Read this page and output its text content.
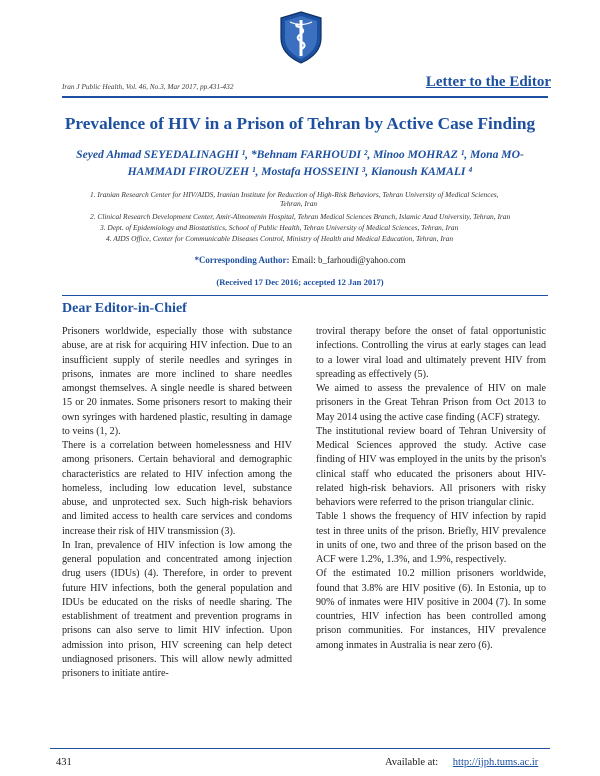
Iran J Public Health, Vol. 46, No.3, Mar 2017, pp.431-432	Letter to the Editor
Prevalence of HIV in a Prison of Tehran by Active Case Finding
Seyed Ahmad SEYEDALINAGHI ¹, *Behnam FARHOUDI ², Minoo MOHRAZ ¹, Mona MO-
HAMMADI FIROUZEH ¹, Mostafa HOSSEINI ³, Kianoush KAMALI ⁴
1. Iranian Research Center for HIV/AIDS, Iranian Institute for Reduction of High-Risk Behaviors, Tehran University of Medical Sciences,
Tehran, Iran
2. Clinical Research Development Center, Amir-Almomenin Hospital, Tehran Medical Sciences Branch, Islamic Azad University, Tehran, Iran
3. Dept. of Epidemiology and Biostatistics, School of Public Health, Tehran University of Medical Sciences, Tehran, Iran
4. AIDS Office, Center for Communicable Diseases Control, Ministry of Health and Medical Education, Tehran, Iran
*Corresponding Author: Email: b_farhoudi@yahoo.com
(Received 17 Dec 2016; accepted 12 Jan 2017)
Dear Editor-in-Chief

Prisoners worldwide, especially those with substance abuse, are at risk for acquiring HIV infection. Due to an insufficient supply of sterile needles and syringes in prisons, inmates are more inclined to share needles amongst themselves. A single needle is shared between 15 or 20 inmates. Some prisoners resort to making their own syringes with hardened plastic, resulting in damage to veins (1, 2).

There is a correlation between homelessness and HIV among prisoners. Certain behavioral and demographic characteristics are related to HIV infection among the homeless, including low education level, substance abuse, and unprotected sex. Such high-risk behaviors and limited access to health care services and condoms increase their risk of HIV transmission (3).

In Iran, prevalence of HIV infection is low among the general population and concentrated among injection drug users (IDUs) (4). Therefore, in order to prevent future HIV infections, both the general population and IDUs be educated on the risks of needle sharing. The establishment of treatment and prevention programs in prisons can also serve to limit HIV infection. Upon admission into prison, HIV screening can help detect undiagnosed prisoners. This will allow newly admitted prisoners to initiate antire-

troviral therapy before the onset of fatal opportunistic infections. Controlling the virus at early stages can lead to a lower viral load and ultimately prevent HIV from spreading as effectively (5).

We aimed to assess the prevalence of HIV on male prisoners in the Great Tehran Prison from Oct 2013 to May 2014 using the active case finding (ACF) strategy.

The institutional review board of Tehran University of Medical Sciences approved the study. Active case finding of HIV was employed in the units by the prison's clinical staff who educated the prisoners about HIV-related high-risk behaviors. All prisoners with risky behaviors were referred to the prison triangular clinic.

Table 1 shows the frequency of HIV infection by rapid test in three units of the prison. Briefly, HIV prevalence in units of one, two and three of the prison based on the ACF were 1.2%, 1.3%, and 1.9%, respectively.

Of the estimated 10.2 million prisoners worldwide, found that 3.8% are HIV positive (6). In Estonia, up to 90% of inmates were HIV positive in 2004 (7). In some countries, HIV infection has been controlled among prison communities. For instances, HIV prevalence among inmates in Australia is near zero (6).

431	Available at: http://ijph.tums.ac.ir
